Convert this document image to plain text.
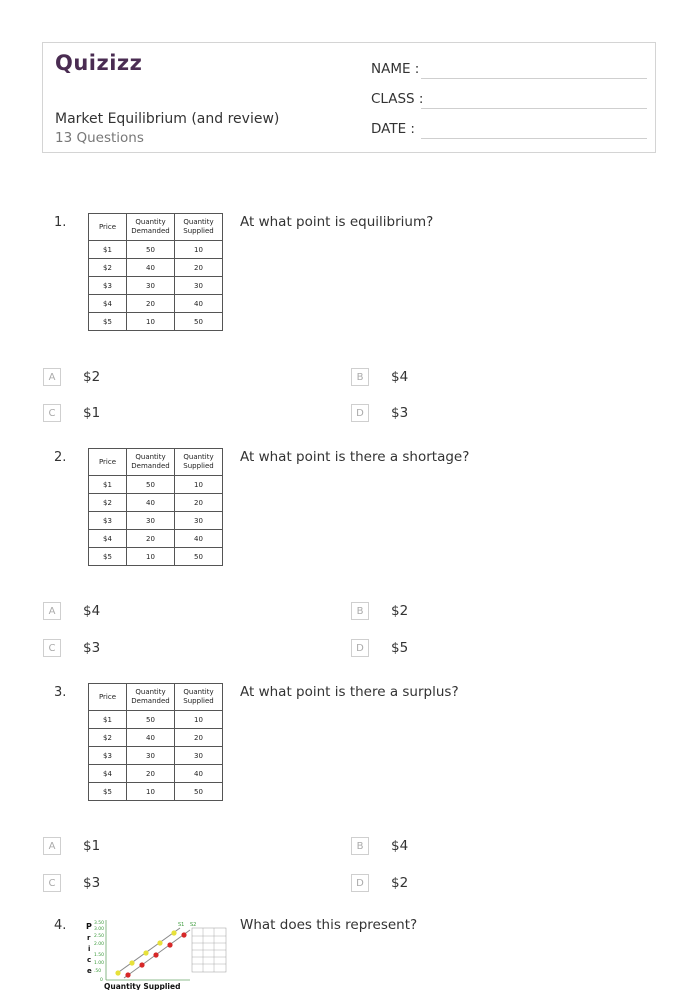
Quizizz
Market Equilibrium (and review)
13 Questions
NAME :
CLASS :
DATE :
1.	At what point is equilibrium?
Price	Quantity Demanded	Quantity Supplied
$1	50	10
$2	40	20
$3	30	30
$4	20	40
$5	10	50
A	$2	B	$4
C	$1	D	$3
2.	At what point is there a shortage?
Price	Quantity Demanded	Quantity Supplied
$1	50	10
$2	40	20
$3	30	30
$4	20	40
$5	10	50
A	$4	B	$2
C	$3	D	$5
3.	At what point is there a surplus?
Price	Quantity Demanded	Quantity Supplied
$1	50	10
$2	40	20
$3	30	30
$4	20	40
$5	10	50
A	$1	B	$4
C	$3	D	$2
4.	What does this represent?
P
r
i
c
e
3.50
3.00
2.50
2.00
1.50
1.00
.50
0
S1 S2
Quantity Supplied
